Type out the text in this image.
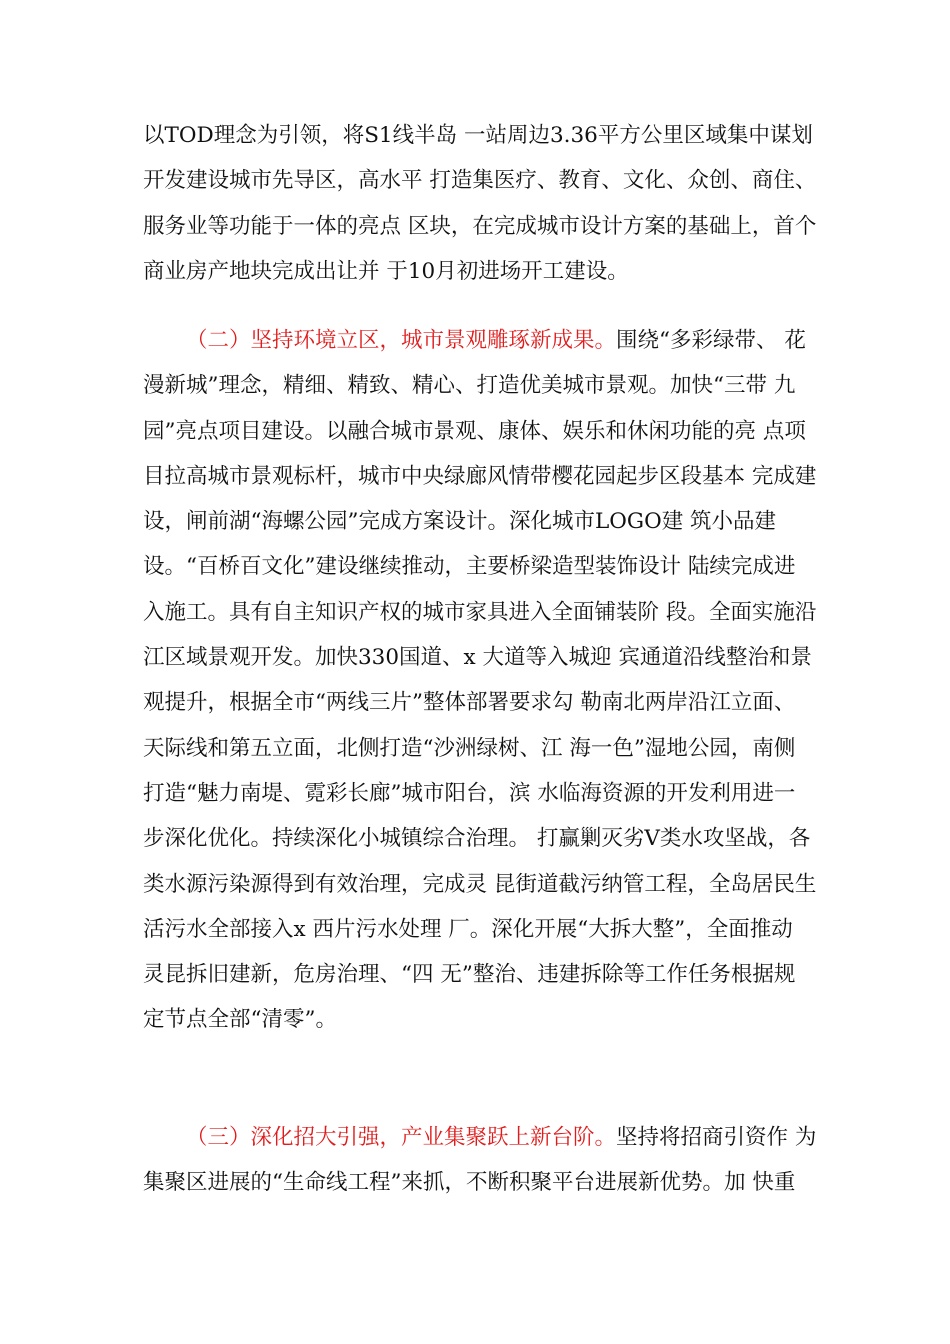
以TOD理念为引领，将S1线半岛 一站周边3.36平方公里区域集中谋划
开发建设城市先导区，高水平 打造集医疗、教育、文化、众创、商住、
服务业等功能于一体的亮点 区块，在完成城市设计方案的基础上，首个
商业房产地块完成出让并 于10月初进场开工建设。
（二）坚持环境立区，城市景观雕琢新成果。围绕“多彩绿带、 花
漫新城”理念，精细、精致、精心、打造优美城市景观。加快“三带 九
园”亮点项目建设。以融合城市景观、康体、娱乐和休闲功能的亮 点项
目拉高城市景观标杆，城市中央绿廊风情带樱花园起步区段基本 完成建
设，闸前湖“海螺公园”完成方案设计。深化城市LOGO建 筑小品建
设。“百桥百文化”建设继续推动，主要桥梁造型装饰设计 陆续完成进
入施工。具有自主知识产权的城市家具进入全面铺装阶 段。全面实施沿
江区域景观开发。加快330国道、x 大道等入城迎 宾通道沿线整治和景
观提升，根据全市“两线三片”整体部署要求勾 勒南北两岸沿江立面、
天际线和第五立面，北侧打造“沙洲绿树、江 海一色”湿地公园，南侧
打造“魅力南堤、霓彩长廊”城市阳台，滨 水临海资源的开发利用进一
步深化优化。持续深化小城镇综合治理。 打赢剿灭劣V类水攻坚战，各
类水源污染源得到有效治理，完成灵 昆街道截污纳管工程，全岛居民生
活污水全部接入x 西片污水处理 厂。深化开展“大拆大整”，全面推动
灵昆拆旧建新，危房治理、“四 无”整治、违建拆除等工作任务根据规
定节点全部“清零”。
（三）深化招大引强，产业集聚跃上新台阶。坚持将招商引资作 为
集聚区进展的“生命线工程”来抓，不断积聚平台进展新优势。加 快重
